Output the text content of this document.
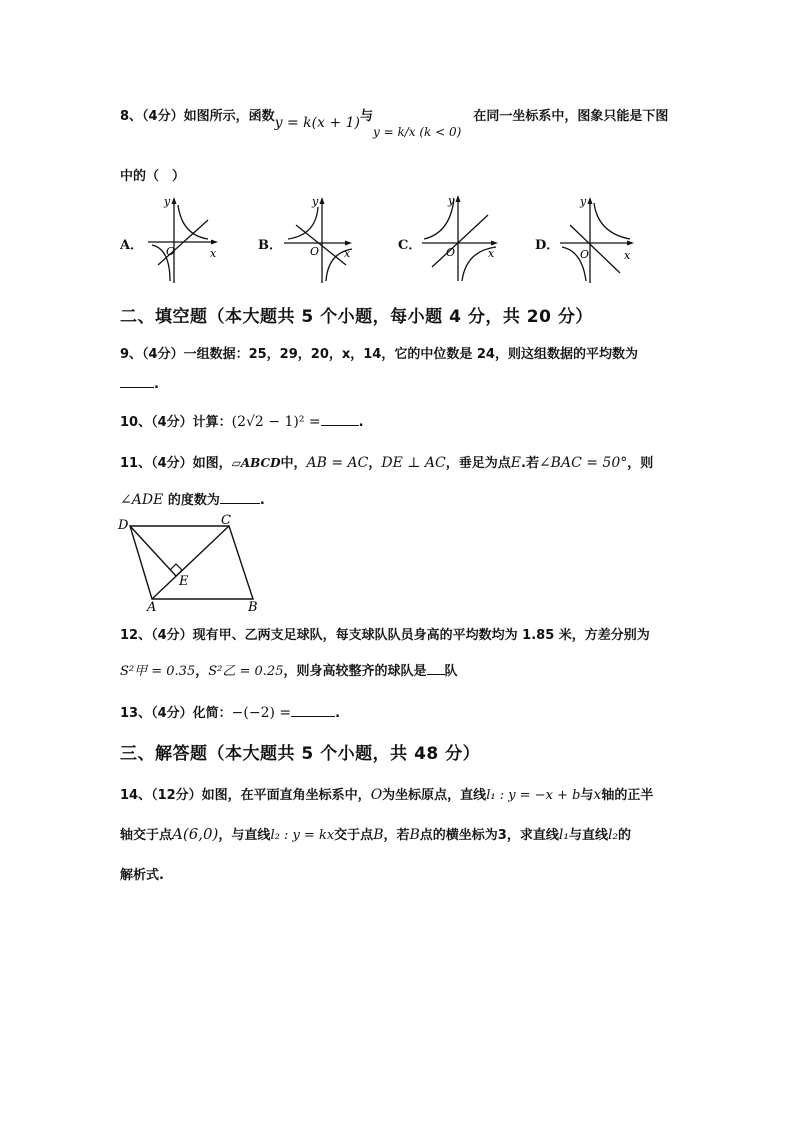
8、（4分）如图所示，函数y = k(x + 1)与y = k/x (k < 0)在同一坐标系中，图象只能是下图
中的（　）
A．
y
O	x
B．
y
O x
C．
y
O	x
D．
y
O	x
二、填空题（本大题共 5 个小题，每小题 4 分，共 20 分）
9、（4分）一组数据：25，29，20，x，14，它的中位数是 24，则这组数据的平均数为
.
10、（4分）计算：(2√2 − 1)² =	.
11、（4分）如图，▱ABCD中，AB = AC，DE ⊥ AC，垂足为点E.若∠BAC = 50°，则
∠ADE 的度数为	.
D	C
E
A	B
12、（4分）现有甲、乙两支足球队，每支球队队员身高的平均数均为 1.85 米，方差分别为
S²甲 = 0.35，S²乙 = 0.25，则身高较整齐的球队是 队
13、（4分）化简：−(−2) =	.
三、解答题（本大题共 5 个小题，共 48 分）
14、（12分）如图，在平面直角坐标系中，O为坐标原点，直线l₁ : y = −x + b与x轴的正半
轴交于点A(6,0)，与直线l₂ : y = kx交于点B，若B点的横坐标为3，求直线l₁与直线l₂的
解析式.
